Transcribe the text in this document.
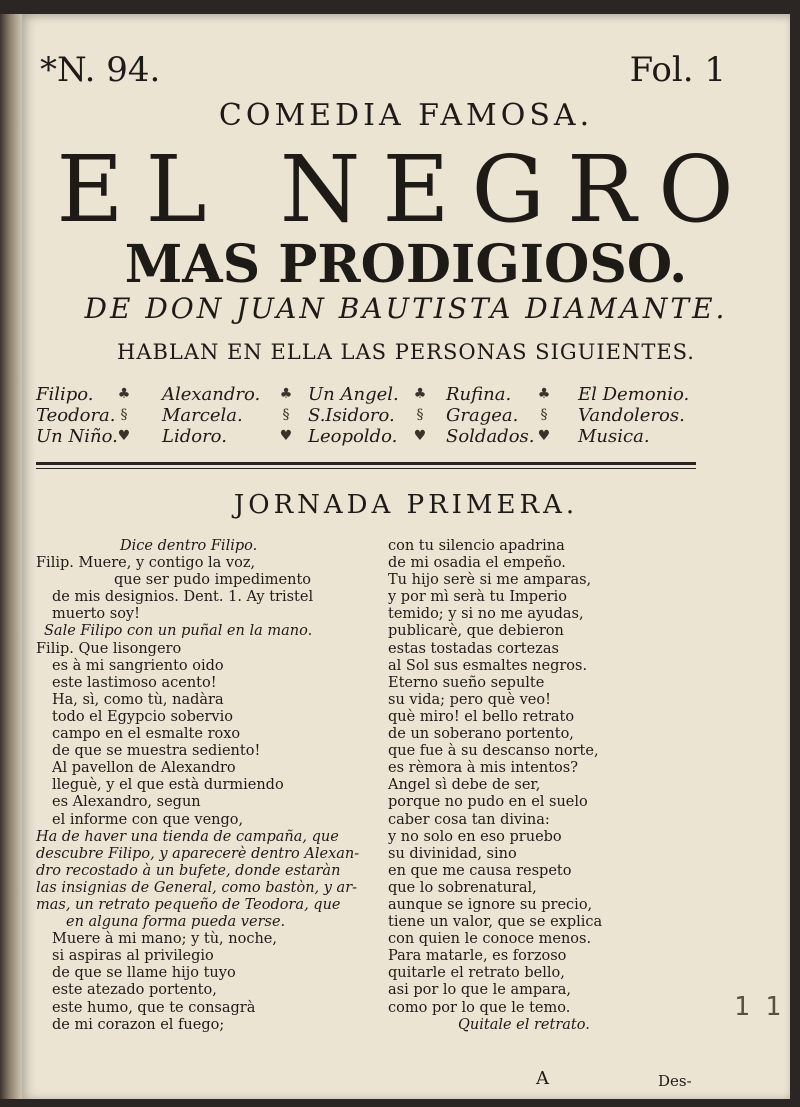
*N. 94.	Fol. 1
COMEDIA FAMOSA.
EL NEGRO
MAS PRODIGIOSO.
DE DON JUAN BAUTISTA DIAMANTE.
HABLAN EN ELLA LAS PERSONAS SIGUIENTES.
Filipo.
Teodora.
Un Niño.
♣
§
♥
Alexandro.
Marcela.
Lidoro.
♣
§
♥
Un Angel.
S.Isidoro.
Leopoldo.
♣
§
♥
Rufina.
Gragea.
Soldados.
♣
§
♥
El Demonio.
Vandoleros.
Musica.
JORNADA PRIMERA.
Dice dentro Filipo.
Filip. Muere, y contigo la voz,
que ser pudo impedimento
de mis designios. Dent. 1. Ay tristel
muerto soy!
Sale Filipo con un puñal en la mano.
Filip. Que lisongero
es à mi sangriento oido
este lastimoso acento!
Ha, sì, como tù, nadàra
todo el Egypcio sobervio
campo en el esmalte roxo
de que se muestra sediento!
Al pavellon de Alexandro
lleguè, y el que està durmiendo
es Alexandro, segun
el informe con que vengo,
Ha de haver una tienda de campaña, que
descubre Filipo, y aparecerè dentro Alexan-
dro recostado à un bufete, donde estaràn
las insignias de General, como bastòn, y ar-
mas, un retrato pequeño de Teodora, que
en alguna forma pueda verse.
Muere à mi mano; y tù, noche,
si aspiras al privilegio
de que se llame hijo tuyo
este atezado portento,
este humo, que te consagrà
de mi corazon el fuego;
con tu silencio apadrina
de mi osadia el empeño.
Tu hijo serè si me amparas,
y por mì serà tu Imperio
temido; y si no me ayudas,
publicarè, que debieron
estas tostadas cortezas
al Sol sus esmaltes negros.
Eterno sueño sepulte
su vida; pero què veo!
què miro! el bello retrato
de un soberano portento,
que fue à su descanso norte,
es rèmora à mis intentos?
Angel sì debe de ser,
porque no pudo en el suelo
caber cosa tan divina:
y no solo en eso pruebo
su divinidad, sino
en que me causa respeto
que lo sobrenatural,
aunque se ignore su precio,
tiene un valor, que se explica
con quien le conoce menos.
Para matarle, es forzoso
quitarle el retrato bello,
asi por lo que le ampara,
como por lo que le temo.
Quitale el retrato.
A	Des-
1 1
